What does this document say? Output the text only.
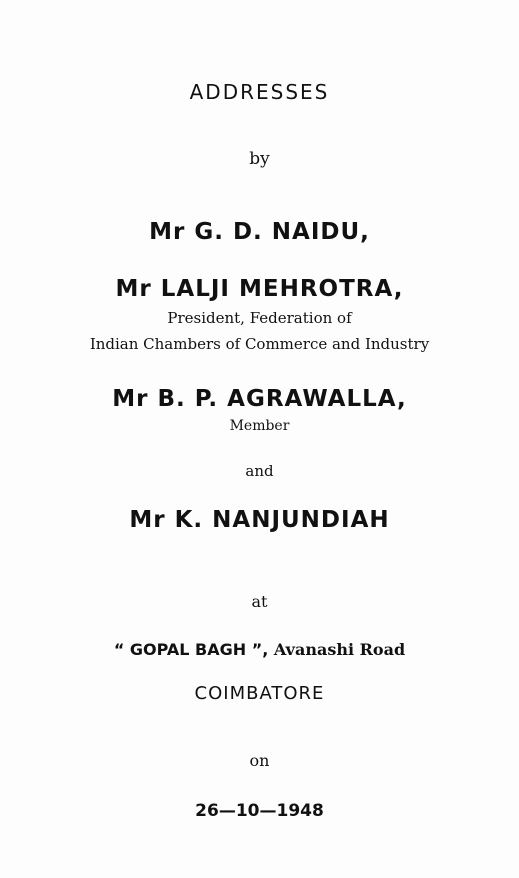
ADDRESSES
by
Mr G. D. NAIDU,
Mr LALJI MEHROTRA,
President, Federation of
Indian Chambers of Commerce and Industry
Mr B. P. AGRAWALLA,
Member
and
Mr K. NANJUNDIAH
at
“ GOPAL BAGH ”, Avanashi Road
COIMBATORE
on
26—10—1948
